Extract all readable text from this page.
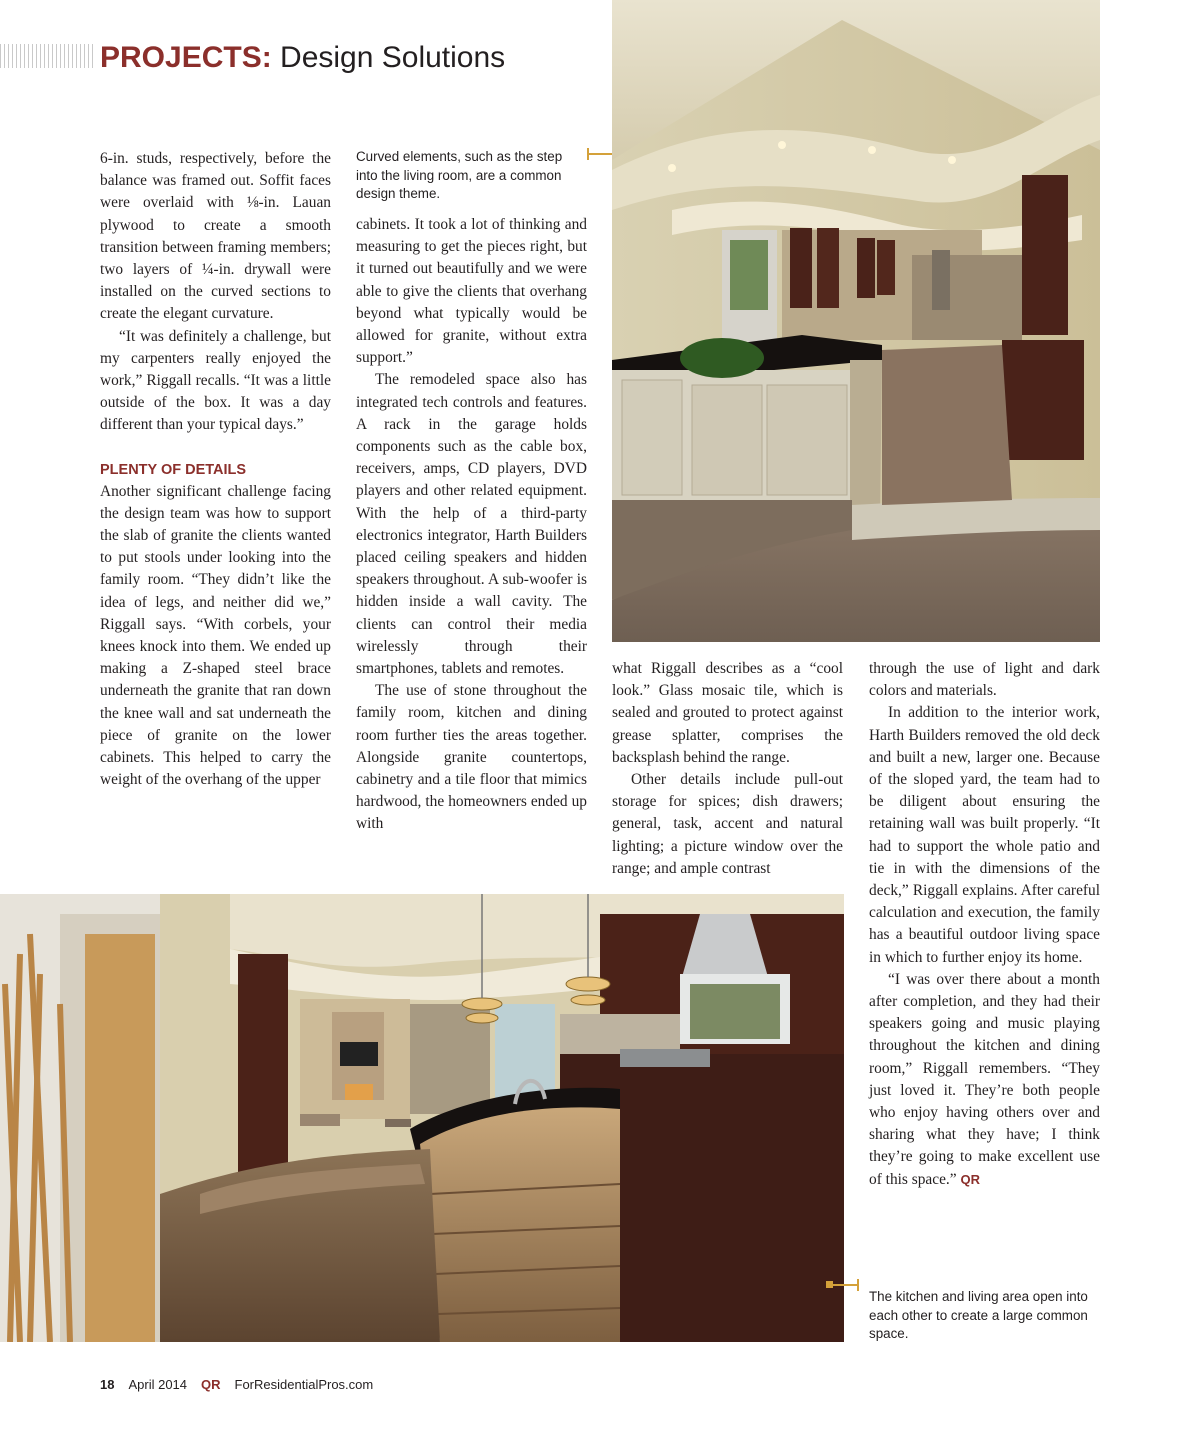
PROJECTS: Design Solutions

6-in. studs, respectively, before the balance was framed out. Soffit faces were overlaid with ⅛-in. Lauan plywood to create a smooth transition between framing members; two layers of ¼-in. drywall were installed on the curved sections to create the elegant curvature.

“It was definitely a challenge, but my carpenters really enjoyed the work,” Riggall recalls. “It was a little outside of the box. It was a day different than your typical days.”

PLENTY OF DETAILS

Another significant challenge facing the design team was how to support the slab of granite the clients wanted to put stools under looking into the family room. “They didn’t like the idea of legs, and neither did we,” Riggall says. “With corbels, your knees knock into them. We ended up making a Z-shaped steel brace underneath the granite that ran down the knee wall and sat underneath the piece of granite on the lower cabinets. This helped to carry the weight of the overhang of the upper

Curved elements, such as the step into the living room, are a common design theme.

cabinets. It took a lot of thinking and measuring to get the pieces right, but it turned out beautifully and we were able to give the clients that overhang beyond what typically would be allowed for granite, without extra support.”

The remodeled space also has integrated tech controls and features. A rack in the garage holds components such as the cable box, receivers, amps, CD players, DVD players and other related equipment. With the help of a third-party electronics integrator, Harth Builders placed ceiling speakers and hidden speakers throughout. A sub-woofer is hidden inside a wall cavity. The clients can control their media wirelessly through their smartphones, tablets and remotes.

The use of stone throughout the family room, kitchen and dining room further ties the areas together. Alongside granite countertops, cabinetry and a tile floor that mimics hardwood, the homeowners ended up with

what Riggall describes as a “cool look.” Glass mosaic tile, which is sealed and grouted to protect against grease splatter, comprises the backsplash behind the range.

Other details include pull-out storage for spices; dish drawers; general, task, accent and natural lighting; a picture window over the range; and ample contrast

through the use of light and dark colors and materials.

In addition to the interior work, Harth Builders removed the old deck and built a new, larger one. Because of the sloped yard, the team had to be diligent about ensuring the retaining wall was built properly. “It had to support the whole patio and tie in with the dimensions of the deck,” Riggall explains. After careful calculation and execution, the family has a beautiful outdoor living space in which to further enjoy its home.

“I was over there about a month after completion, and they had their speakers going and music playing throughout the kitchen and dining room,” Riggall remembers. “They just loved it. They’re both people who enjoy having others over and sharing what they have; I think they’re going to make excellent use of this space.” QR

The kitchen and living area open into each other to create a large common space.
18 April 2014 QR ForResidentialPros.com
